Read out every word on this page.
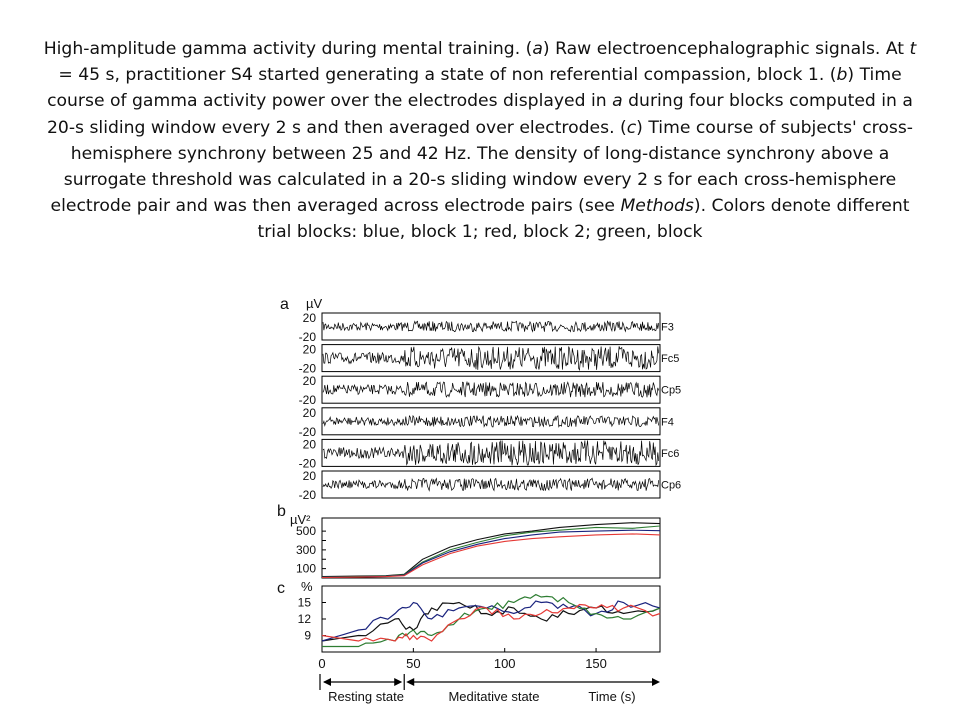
High-amplitude gamma activity during mental training. (a) Raw electroencephalographic signals. At t = 45 s, practitioner S4 started generating a state of non referential compassion, block 1. (b) Time course of gamma activity power over the electrodes displayed in a during four blocks computed in a 20-s sliding window every 2 s and then averaged over electrodes. (c) Time course of subjects' cross-hemisphere synchrony between 25 and 42 Hz. The density of long-distance synchrony above a surrogate threshold was calculated in a 20-s sliding window every 2 s for each cross-hemisphere electrode pair and was then averaged across electrode pairs (see Methods). Colors denote different trial blocks: blue, block 1; red, block 2; green, block
a µV
20
-20
F3
20
-20
Fc5
20
-20
Cp5
20
-20
F4
20
-20
Fc6
20
-20
Cp6
b µV²
500
300
100
c %
15
12
9
0	50	100	150
Resting state	Meditative state	Time (s)
